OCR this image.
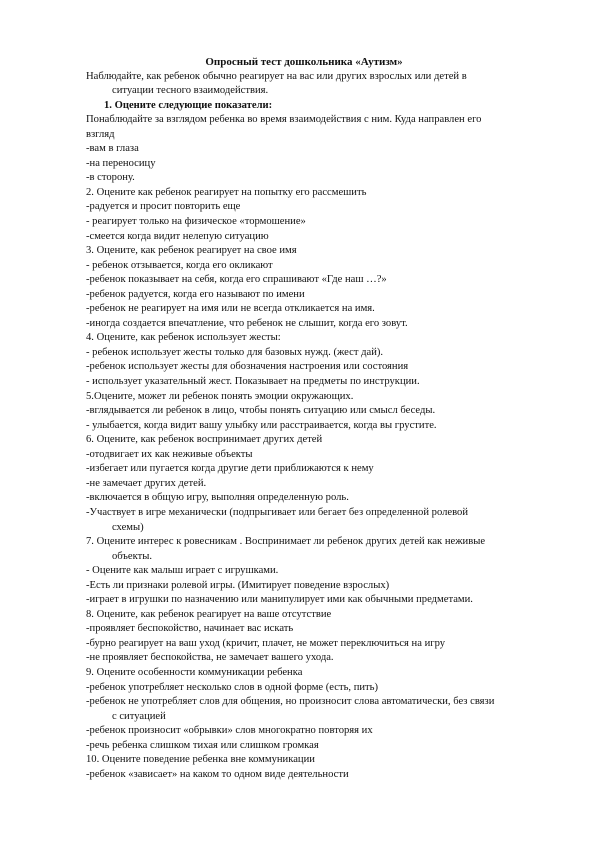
Опросный тест дошкольника «Аутизм»
Наблюдайте, как ребенок обычно реагирует на вас или других взрослых или детей в
ситуации тесного взаимодействия.
1. Оцените следующие показатели:
Понаблюдайте за взглядом ребенка во время взаимодействия с ним. Куда направлен его
взгляд
-вам в глаза
-на переносицу
-в сторону.
2. Оцените как ребенок реагирует на попытку его рассмешить
-радуется и просит повторить еще
- реагирует только на физическое «тормошение»
-смеется когда видит нелепую ситуацию
3. Оцените, как ребенок реагирует на свое имя
- ребенок отзывается, когда его окликают
-ребенок показывает на себя, когда его спрашивают «Где наш …?»
-ребенок радуется, когда его называют по имени
-ребенок не реагирует на имя или не всегда откликается на имя.
-иногда создается впечатление, что ребенок не слышит, когда его зовут.
4. Оцените, как ребенок использует жесты:
- ребенок использует жесты только для базовых нужд. (жест дай).
-ребенок использует жесты для обозначения настроения или состояния
- использует указательный жест. Показывает на предметы по инструкции.
5.Оцените, может ли ребенок понять эмоции окружающих.
-вглядывается ли ребенок в лицо, чтобы понять ситуацию или смысл беседы.
- улыбается, когда видит вашу улыбку или расстраивается, когда вы грустите.
6. Оцените, как ребенок воспринимает других детей
-отодвигает их как неживые объекты
-избегает или пугается когда другие дети приближаются к нему
-не замечает других детей.
-включается в общую игру, выполняя определенную роль.
-Участвует в игре механически (подпрыгивает или бегает без определенной ролевой
схемы)
7. Оцените интерес к ровесникам . Воспринимает ли ребенок других детей как неживые
объекты.
- Оцените как малыш играет с игрушками.
-Есть ли признаки ролевой игры. (Имитирует поведение взрослых)
-играет в игрушки по назначению или манипулирует ими как обычными предметами.
8. Оцените, как ребенок реагирует на ваше отсутствие
-проявляет беспокойство, начинает вас искать
-бурно реагирует на ваш уход (кричит, плачет, не может переключиться на игру
-не проявляет беспокойства, не замечает вашего ухода.
9. Оцените особенности коммуникации ребенка
-ребенок употребляет несколько слов в одной форме (есть, пить)
-ребенок не употребляет слов для общения, но произносит слова автоматически, без связи
с ситуацией
-ребенок произносит «обрывки» слов многократно повторяя их
-речь ребенка слишком тихая или слишком громкая
10. Оцените поведение ребенка вне коммуникации
-ребенок «зависает» на каком то одном виде деятельности
